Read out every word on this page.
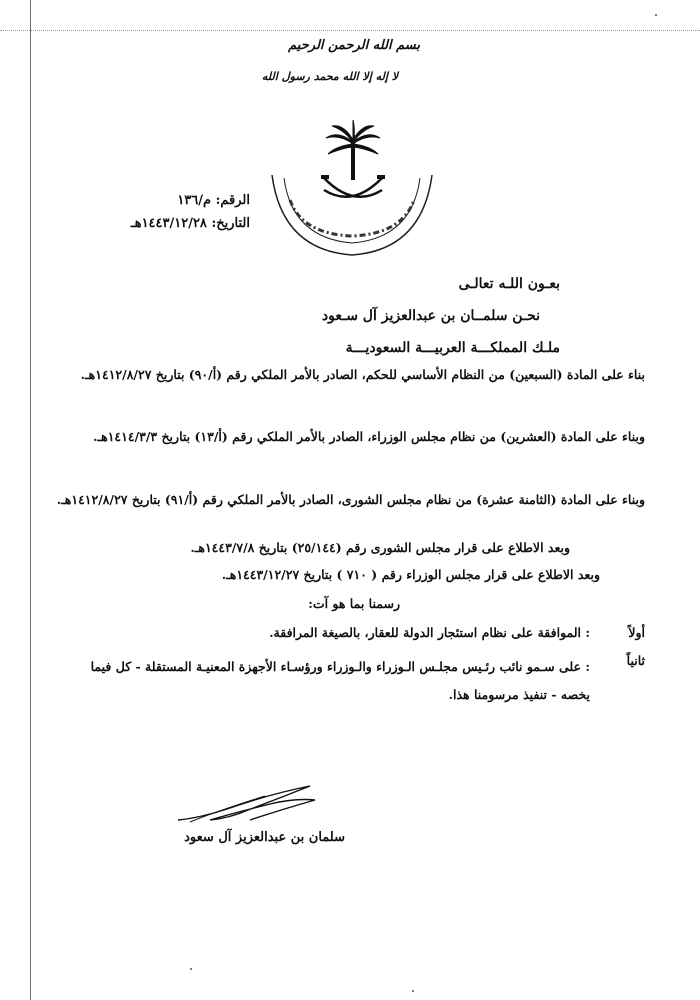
بسم الله الرحمن الرحيم
لا إله إلا الله محمد رسول الله
الرقم: م/١٣٦
التاريخ: ١٤٤٣/١٢/٢٨هـ
بعـون اللـه تعالـى
نحـن سلمــان بن عبدالعزيز آل سـعود
ملـك المملكـــة العربيـــة السعوديـــة
بناء على المادة (السبعين) من النظام الأساسي للحكم، الصادر بالأمر الملكي رقم (أ/٩٠) بتاريخ ١٤١٢/٨/٢٧هـ.
وبناء على المادة (العشرين) من نظام مجلس الوزراء، الصادر بالأمر الملكي رقم (أ/١٣) بتاريخ ١٤١٤/٣/٣هـ.
وبناء على المادة (الثامنة عشرة) من نظام مجلس الشورى، الصادر بالأمر الملكي رقم (أ/٩١) بتاريخ ١٤١٢/٨/٢٧هـ.
وبعد الاطلاع على قرار مجلس الشورى رقم (٢٥/١٤٤) بتاريخ ١٤٤٣/٧/٨هـ.
وبعد الاطلاع على قرار مجلس الوزراء رقم ( ٧١٠ ) بتاريخ ١٤٤٣/١٢/٢٧هـ.
رسمنا بما هو آت:
أولاً
: الموافقة على نظام استئجار الدولة للعقار، بالصيغة المرافقة.
ثانياً
: على سـمو نائب رئـيس مجلـس الـوزراء والـوزراء ورؤسـاء الأجهزة المعنيـة المستقلة - كل فيما يخصه - تنفيذ مرسومنا هذا.
سلمان بن عبدالعزيز آل سعود
